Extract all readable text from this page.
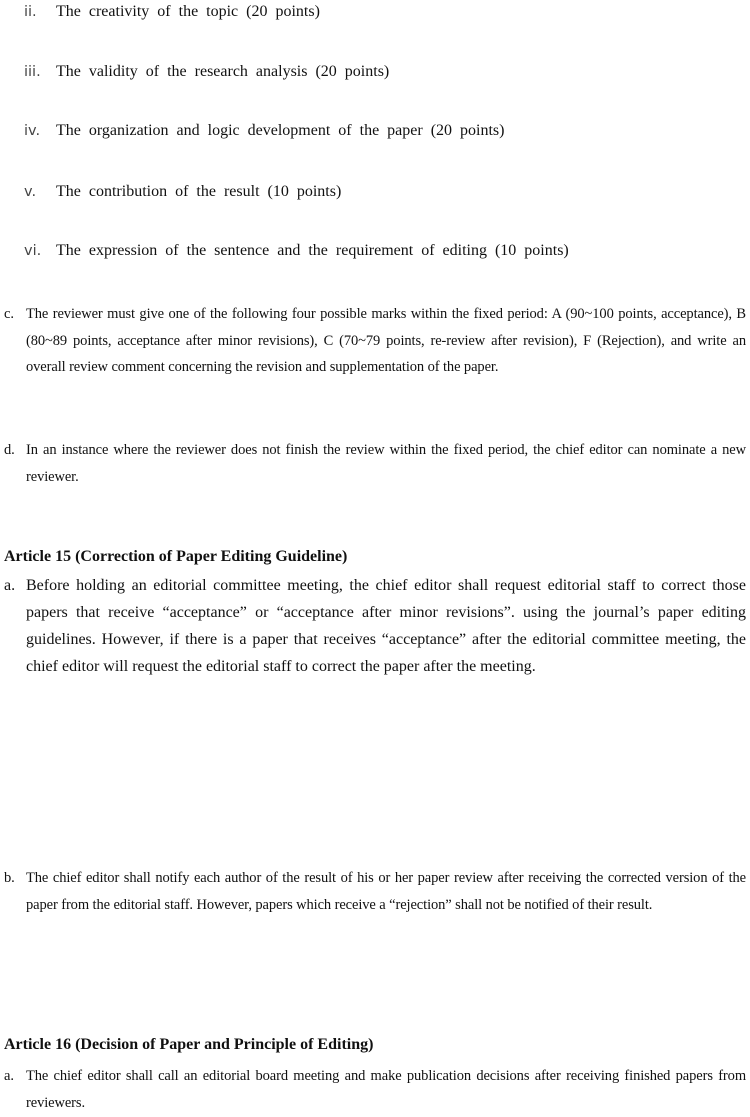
ii. The creativity of the topic (20 points)
iii. The validity of the research analysis (20 points)
iv. The organization and logic development of the paper (20 points)
v. The contribution of the result (10 points)
vi. The expression of the sentence and the requirement of editing (10 points)
c. The reviewer must give one of the following four possible marks within the fixed period: A (90~100 points, acceptance), B (80~89 points, acceptance after minor revisions), C (70~79 points, re-review after revision), F (Rejection), and write an overall review comment concerning the revision and supplementation of the paper.
d. In an instance where the reviewer does not finish the review within the fixed period, the chief editor can nominate a new reviewer.
Article 15 (Correction of Paper Editing Guideline)
a. Before holding an editorial committee meeting, the chief editor shall request editorial staff to correct those papers that receive “acceptance” or “acceptance after minor revisions”. using the journal’s paper editing guidelines. However, if there is a paper that receives “acceptance” after the editorial committee meeting, the chief editor will request the editorial staff to correct the paper after the meeting.
b. The chief editor shall notify each author of the result of his or her paper review after receiving the corrected version of the paper from the editorial staff. However, papers which receive a “rejection” shall not be notified of their result.
Article 16 (Decision of Paper and Principle of Editing)
a. The chief editor shall call an editorial board meeting and make publication decisions after receiving finished papers from reviewers.
